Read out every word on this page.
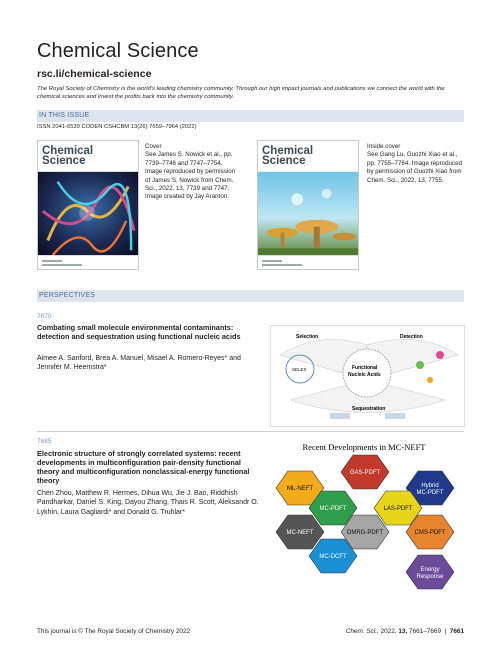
Chemical Science
rsc.li/chemical-science
The Royal Society of Chemistry is the world's leading chemistry community. Through our high impact journals and publications we connect the world with the chemical sciences and invest the profits back into the chemistry community.
IN THIS ISSUE
ISSN 2041-6539 CODEN CSHCBM 13(26) 7659–7964 (2022)
Chemical
Science
Cover
See James S. Nowick et al., pp. 7739–7746 and 7747–7754. Image reproduced by permission of James S. Nowick from Chem. Sci., 2022, 13, 7739 and 7747. Image created by Jay Aranton.
Chemical
Science
Inside cover
See Gang Lu, Guozhi Xiao et al., pp. 7755–7764. Image reproduced by permission of Guozhi Xiao from Chem. Sci., 2022, 13, 7755.
PERSPECTIVES
7670
Combating small molecule environmental contaminants: detection and sequestration using functional nucleic acids
Aimee A. Sanford, Brea A. Manuel, Misael A. Romero-Reyes* and Jennifer M. Heemstra*
Selection	Detection
SELEX	Functional
Nucleic Acids
Sequestration
7685
Electronic structure of strongly correlated systems: recent developments in multiconfiguration pair-density functional theory and multiconfiguration nonclassical-energy functional theory
Chen Zhou, Matthew R. Hermes, Dihua Wu, Jie J. Bao, Riddhish Pandharkar, Daniel S. King, Dayou Zhang, Thais R. Scott, Aleksandr O. Lykhin, Laura Gagliardi* and Donald G. Truhlar*
Recent Developments in MC-NEFT
ML-NEFT
GAS-PDFT
Hybrid MC-PDFT
MC-PDFT	LAS-PDFT
MC-NEFT	DMRG-PDFT	CMS-PDFT
MC-DCFT
Energy Response
This journal is © The Royal Society of Chemistry 2022	Chem. Sci., 2022, 13, 7661–7669  |  7661
